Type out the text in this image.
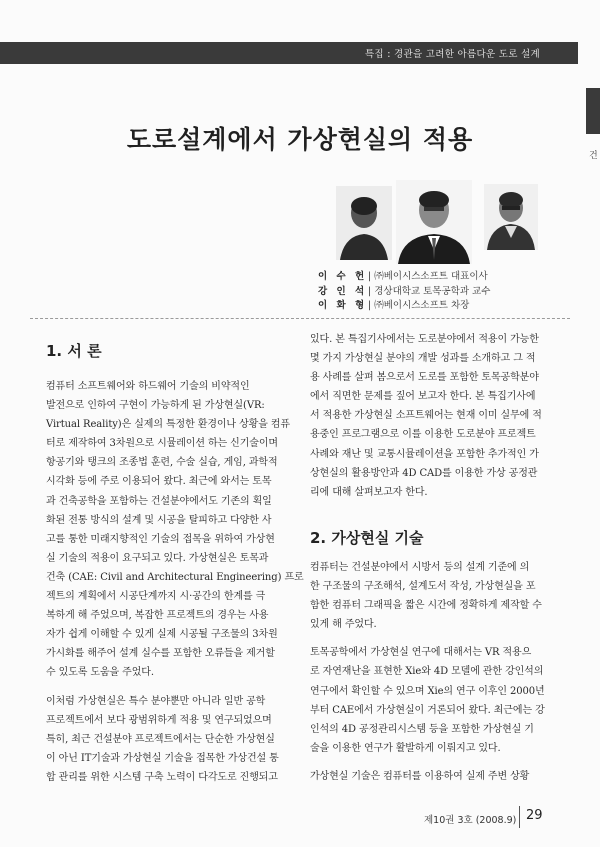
특집 : 경관을 고려한 아름다운 도로 설계
건
도로설계에서 가상현실의 적용
이 수 헌 | ㈜베이시스소프트 대표이사
강 인 석 | 경상대학교 토목공학과 교수
이 화 형 | ㈜베이시스소프트 차장
1. 서 론

컴퓨터 소프트웨어와 하드웨어 기술의 비약적인
발전으로 인하여 구현이 가능하게 된 가상현실(VR:
Virtual Reality)은 실제의 특정한 환경이나 상황을 컴퓨
터로 제작하여 3차원으로 시뮬레이션 하는 신기술이며
항공기와 탱크의 조종법 훈련, 수술 실습, 게임, 과학적
시각화 등에 주로 이용되어 왔다. 최근에 와서는 토목
과 건축공학을 포함하는 건설분야에서도 기존의 획일
화된 전통 방식의 설계 및 시공을 탈피하고 다양한 사
고를 통한 미래지향적인 기술의 접목을 위하여 가상현
실 기술의 적용이 요구되고 있다. 가상현실은 토목과
건축 (CAE: Civil and Architectural Engineering) 프로
젝트의 계획에서 시공단계까지 시·공간의 한계를 극
복하게 해 주었으며, 복잡한 프로젝트의 경우는 사용
자가 쉽게 이해할 수 있게 실제 시공될 구조물의 3차원
가시화를 해주어 설계 실수를 포함한 오류들을 제거할
수 있도록 도움을 주었다.

이처럼 가상현실은 특수 분야뿐만 아니라 일반 공학
프로젝트에서 보다 광범위하게 적용 및 연구되었으며
특히, 최근 건설분야 프로젝트에서는 단순한 가상현실
이 아닌 IT기술과 가상현실 기술을 접목한 가상건설 통
합 관리를 위한 시스템 구축 노력이 다각도로 진행되고

있다. 본 특집기사에서는 도로분야에서 적용이 가능한
몇 가지 가상현실 분야의 개발 성과를 소개하고 그 적
용 사례를 살펴 봄으로서 도로를 포함한 토목공학분야
에서 직면한 문제를 짚어 보고자 한다. 본 특집기사에
서 적용한 가상현실 소프트웨어는 현재 이미 실무에 적
용중인 프로그램으로 이를 이용한 도로분야 프로젝트
사례와 재난 및 교통시뮬레이션을 포함한 추가적인 가
상현실의 활용방안과 4D CAD를 이용한 가상 공정관
리에 대해 살펴보고자 한다.

2. 가상현실 기술

컴퓨터는 건설분야에서 시방서 등의 설계 기준에 의
한 구조물의 구조해석, 설계도서 작성, 가상현실을 포
함한 컴퓨터 그래픽을 짧은 시간에 정확하게 제작할 수
있게 해 주었다.

토목공학에서 가상현실 연구에 대해서는 VR 적용으
로 자연재난을 표현한 Xie와 4D 모델에 관한 강인석의
연구에서 확인할 수 있으며 Xie의 연구 이후인 2000년
부터 CAE에서 가상현실이 거론되어 왔다. 최근에는 강
인석의 4D 공정관리시스템 등을 포함한 가상현실 기
술을 이용한 연구가 활발하게 이뤄지고 있다.

가상현실 기술은 컴퓨터를 이용하여 실제 주변 상황

제10권 3호 (2008.9) 29
